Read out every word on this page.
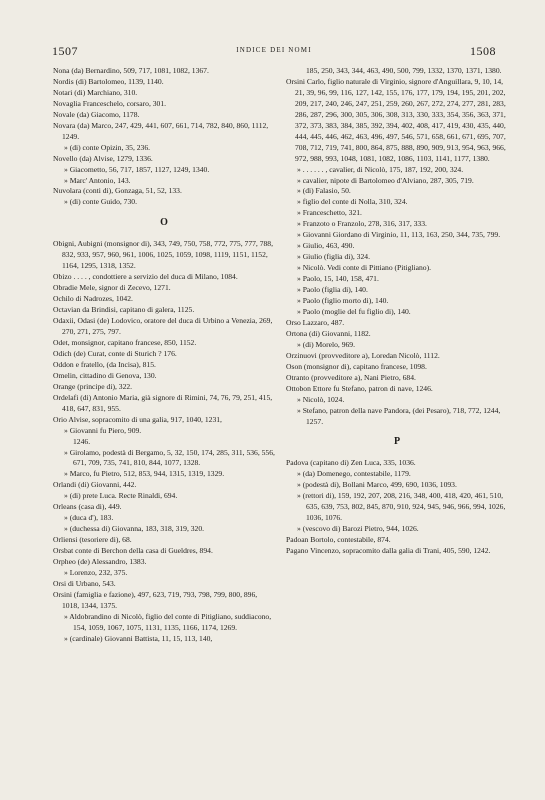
1507	INDICE DEI NOMI	1508
Nona (da) Bernardino, 509, 717, 1081, 1082, 1367.
Nordis (di) Bartolomeo, 1139, 1140.
Notari (di) Marchiano, 310.
Novaglia Franceschelo, corsaro, 301.
Novale (da) Giacomo, 1178.
Novara (da) Marco, 247, 429, 441, 607, 661, 714, 782, 840, 860, 1112, 1249.
» (di) conte Opizin, 35, 236.
Novello (da) Alvise, 1279, 1336.
» Giacometto, 56, 717, 1857, 1127, 1249, 1340.
» Marc' Antonio, 143.
Nuvolara (conti di), Gonzaga, 51, 52, 133.
» (di) conte Guido, 730.
O
Obigni, Aubigni (monsignor di), 343, 749, 750, 758, 772, 775, 777, 788, 832, 933, 957, 960, 961, 1006, 1025, 1059, 1098, 1119, 1151, 1152, 1164, 1295, 1318, 1352.
Obizo . . . . , condottiere a servizio del duca di Milano, 1084.
Obradie Mele, signor di Zecevo, 1271.
Ochilo di Nadrozes, 1042.
Octavian da Brindisi, capitano di galera, 1125.
Odaxii, Odasi (de) Lodovico, oratore del duca di Urbino a Venezia, 269, 270, 271, 275, 797.
Odet, monsignor, capitano francese, 850, 1152.
Odich (de) Curat, conte di Sturich ? 176.
Oddon e fratello, (da Incisa), 815.
Omelin, cittadino di Genova, 130.
Orange (principe di), 322.
Ordelafi (di) Antonio Maria, già signore di Rimini, 74, 76, 79, 251, 415, 418, 647, 831, 955.
Orio Alvise, sopracomito di una galia, 917, 1040, 1231,
» Giovanni fu Piero, 909.
1246.
» Girolamo, podestà di Bergamo, 5, 32, 150, 174, 285, 311, 536, 556, 671, 709, 735, 741, 810, 844, 1077, 1328.
» Marco, fu Pietro, 512, 853, 944, 1315, 1319, 1329.
Orlandi (di) Giovanni, 442.
» (di) prete Luca. Recte Rinaldi, 694.
Orleans (casa di), 449.
» (duca d'), 183.
» (duchessa di) Giovanna, 183, 318, 319, 320.
Orliensi (tesoriere di), 68.
Orsbat conte di Berchon della casa di Gueldres, 894.
Orpheo (de) Alessandro, 1383.
» Lorenzo, 232, 375.
Orsi di Urbano, 543.
Orsini (famiglia e fazione), 497, 623, 719, 793, 798, 799, 800, 896, 1018, 1344, 1375.
» Aldobrandino di Nicolò, figlio del conte di Pitigliano, suddiacono, 154, 1059, 1067, 1075, 1131, 1135, 1166, 1174, 1269.
» (cardinale) Giovanni Battista, 11, 15, 113, 140,
185, 250, 343, 344, 463, 490, 500, 799, 1332, 1370, 1371, 1380.
Orsini Carlo, figlio naturale di Virginio, signore d'Anguillara, 9, 10, 14, 21, 39, 96, 99, 116, 127, 142, 155, 176, 177, 179, 194, 195, 201, 202, 209, 217, 240, 246, 247, 251, 259, 260, 267, 272, 274, 277, 281, 283, 286, 287, 296, 300, 305, 306, 308, 313, 330, 333, 354, 356, 363, 371, 372, 373, 383, 384, 385, 392, 394, 402, 408, 417, 419, 430, 435, 440, 444, 445, 446, 462, 463, 496, 497, 546, 571, 658, 661, 671, 695, 707, 708, 712, 719, 741, 800, 864, 875, 888, 890, 909, 913, 954, 963, 966, 972, 988, 993, 1048, 1081, 1082, 1086, 1103, 1141, 1177, 1380.
» . . . . . . , cavalier, di Nicolò, 175, 187, 192, 200, 324.
» cavalier, nipote di Bartolomeo d'Alviano, 287, 305, 719.
» (di) Falasio, 50.
» figlio del conte di Nolla, 310, 324.
» Franceschetto, 321.
» Franzoto o Franzolo, 278, 316, 317, 333.
» Giovanni Giordano di Virginio, 11, 113, 163, 250, 344, 735, 799.
» Giulio, 463, 490.
» Giulio (figlia di), 324.
» Nicolò. Vedi conte di Pittiano (Pitigliano).
» Paolo, 15, 140, 158, 471.
» Paolo (figlia di), 140.
» Paolo (figlio morto di), 140.
» Paolo (moglie del fu figlio di), 140.
Orso Lazzaro, 487.
Ortona (di) Giovanni, 1182.
» (di) Morelo, 969.
Orzinuovi (provveditore a), Loredan Nicolò, 1112.
Oson (monsignor di), capitano francese, 1098.
Otranto (provveditore a), Nani Pietro, 684.
Ottobon Ettore fu Stefano, patron di nave, 1246.
» Nicolò, 1024.
» Stefano, patron della nave Pandora, (dei Pesaro), 718, 772, 1244, 1257.
P
Padova (capitano di) Zen Luca, 335, 1036.
» (da) Domenego, contestabile, 1179.
» (podestà di), Bollani Marco, 499, 690, 1036, 1093.
» (rettori di), 159, 192, 207, 208, 216, 348, 400, 418, 420, 461, 510, 635, 639, 753, 802, 845, 870, 910, 924, 945, 946, 966, 994, 1026, 1036, 1076.
» (vescovo di) Barozi Pietro, 944, 1026.
Padoan Bortolo, contestabile, 874.
Pagano Vincenzo, sopracomito dalla galia di Trani, 405, 590, 1242.
